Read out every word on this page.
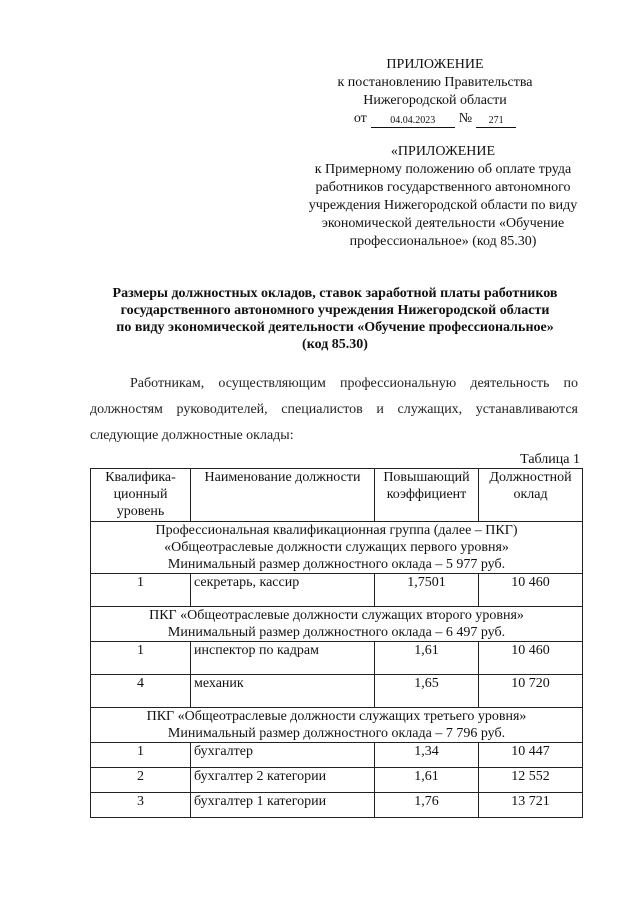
ПРИЛОЖЕНИЕ
к постановлению Правительства
Нижегородской области
от	04.04.2023	№	271
«ПРИЛОЖЕНИЕ
к Примерному положению об оплате труда
работников государственного автономного
учреждения Нижегородской области по виду
экономической деятельности «Обучение
профессиональное» (код 85.30)
Размеры должностных окладов, ставок заработной платы работников
государственного автономного учреждения Нижегородской области
по виду экономической деятельности «Обучение профессиональное»
(код 85.30)
Работникам, осуществляющим профессиональную деятельность по
должностям руководителей, специалистов и служащих, устанавливаются
следующие должностные оклады:
Таблица 1
Квалифика-ционный уровень	Наименование должности	Повышающий коэффициент	Должностной оклад

Профессиональная квалификационная группа (далее – ПКГ)
«Общеотраслевые должности служащих первого уровня»
Минимальный размер должностного оклада – 5 977 руб.			

1	секретарь, кассир	1,7501	10 460

ПКГ «Общеотраслевые должности служащих второго уровня»
Минимальный размер должностного оклада – 6 497 руб.			

1	инспектор по кадрам	1,61	10 460
4	механик	1,65	10 720

ПКГ «Общеотраслевые должности служащих третьего уровня»
Минимальный размер должностного оклада – 7 796 руб.			

1	бухгалтер	1,34	10 447
2	бухгалтер 2 категории	1,61	12 552
3	бухгалтер 1 категории	1,76	13 721
